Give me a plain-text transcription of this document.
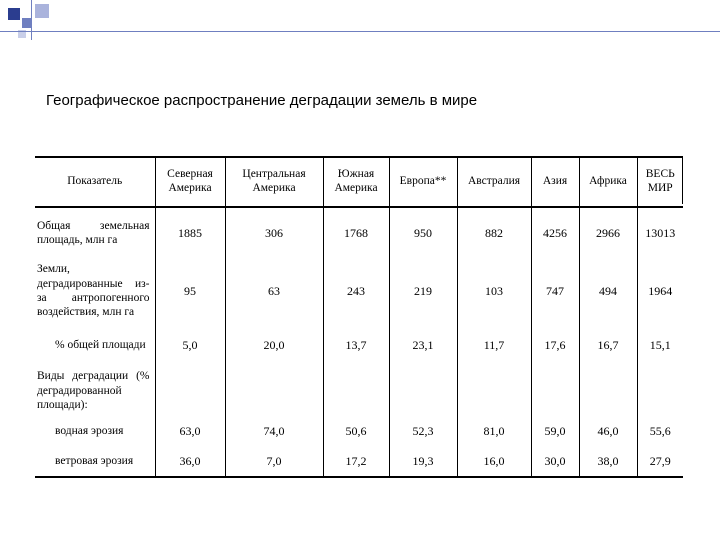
Географическое распространение деградации земель в мире
Показатель	Северная Америка	Центральная Америка	Южная Америка	Европа**	Австралия	Азия	Африка	ВЕСЬ МИР
Общая земельная площадь, млн га	1885	306	1768	950	882	4256	2966	13013
Земли, деградированные из-за антропогенного воздействия, млн га	95	63	243	219	103	747	494	1964
% общей площади	5,0	20,0	13,7	23,1	11,7	17,6	16,7	15,1
Виды деградации (% деградированной площади):								
водная эрозия	63,0	74,0	50,6	52,3	81,0	59,0	46,0	55,6
ветровая эрозия	36,0	7,0	17,2	19,3	16,0	30,0	38,0	27,9
